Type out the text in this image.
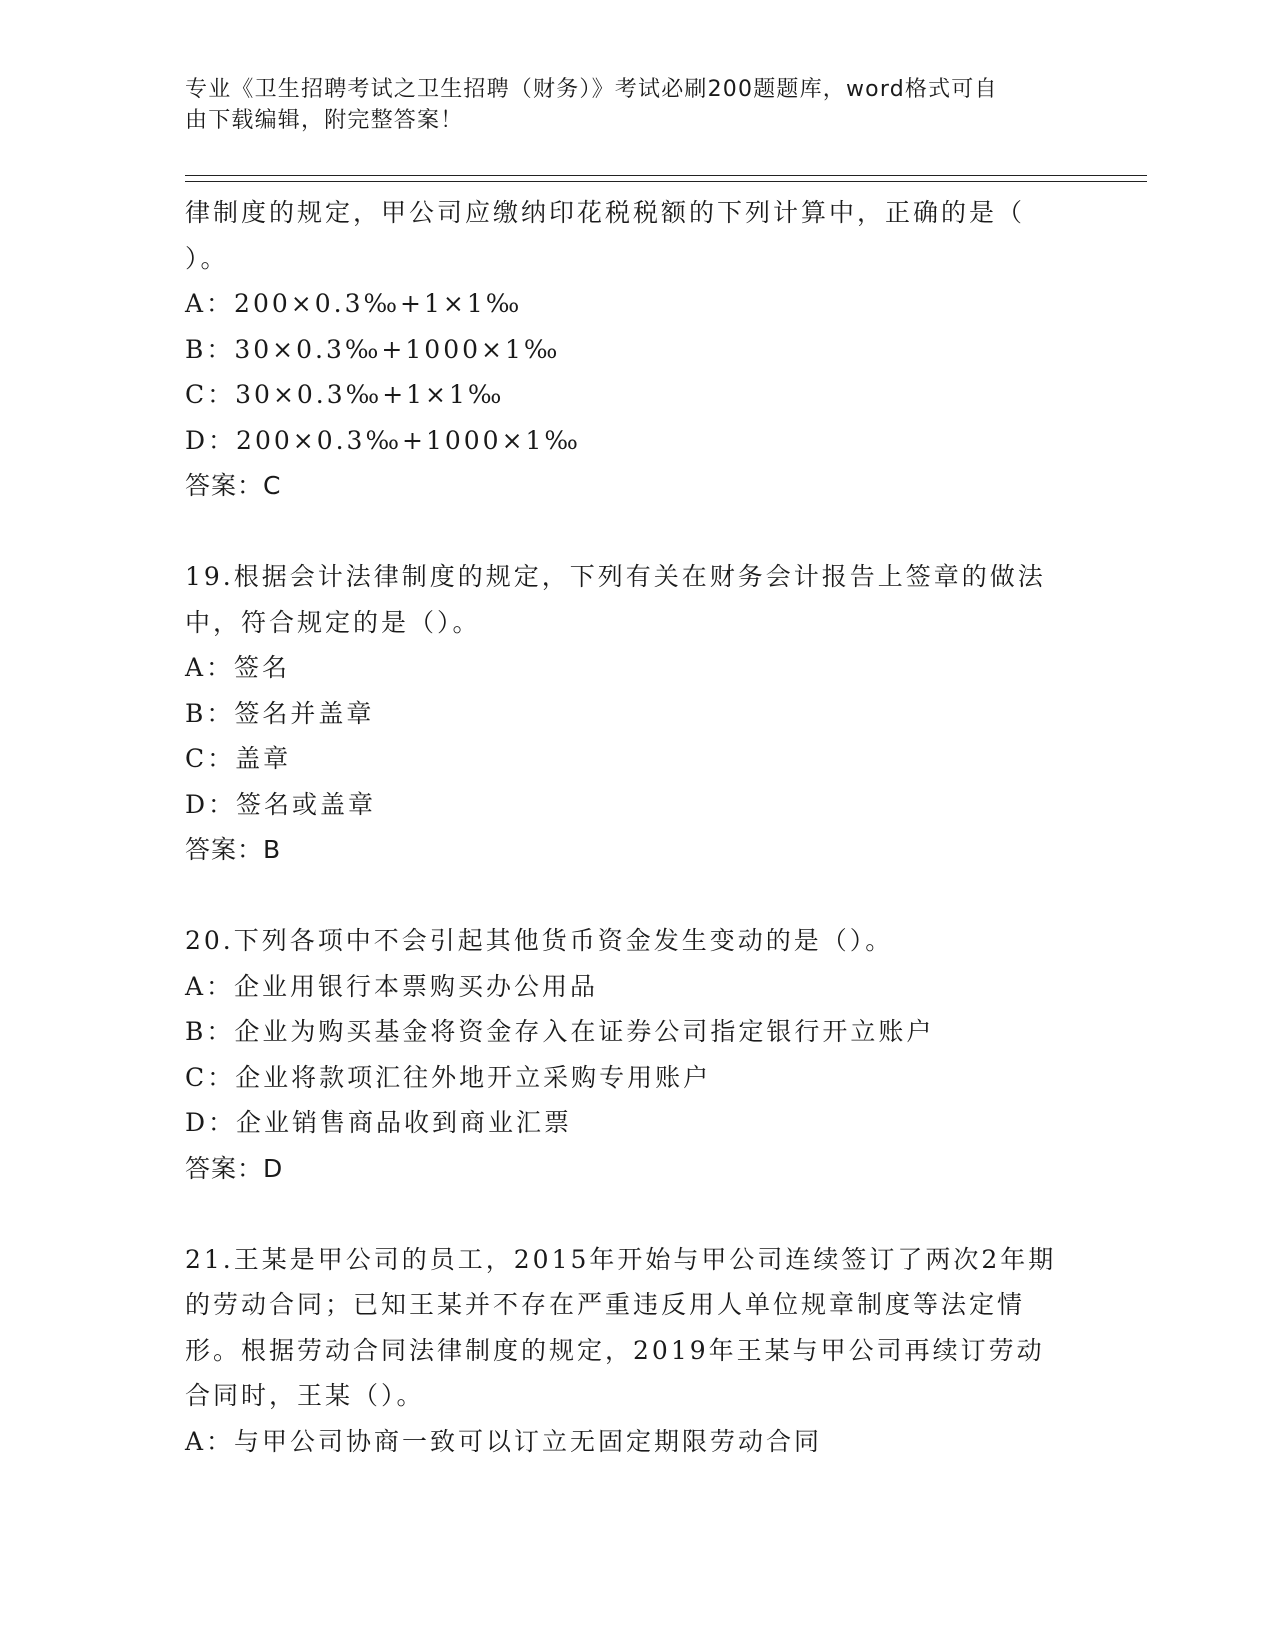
专业《卫生招聘考试之卫生招聘（财务）》考试必刷200题题库，word格式可自
由下载编辑，附完整答案！
律制度的规定，甲公司应缴纳印花税税额的下列计算中，正确的是（
）。
A：200×0.3‰+1×1‰
B：30×0.3‰+1000×1‰
C：30×0.3‰+1×1‰
D：200×0.3‰+1000×1‰
答案：C
19.根据会计法律制度的规定，下列有关在财务会计报告上签章的做法
中，符合规定的是（）。
A：签名
B：签名并盖章
C：盖章
D：签名或盖章
答案：B
20.下列各项中不会引起其他货币资金发生变动的是（）。
A：企业用银行本票购买办公用品
B：企业为购买基金将资金存入在证券公司指定银行开立账户
C：企业将款项汇往外地开立采购专用账户
D：企业销售商品收到商业汇票
答案：D
21.王某是甲公司的员工，2015年开始与甲公司连续签订了两次2年期
的劳动合同；已知王某并不存在严重违反用人单位规章制度等法定情
形。根据劳动合同法律制度的规定，2019年王某与甲公司再续订劳动
合同时，王某（）。
A：与甲公司协商一致可以订立无固定期限劳动合同
